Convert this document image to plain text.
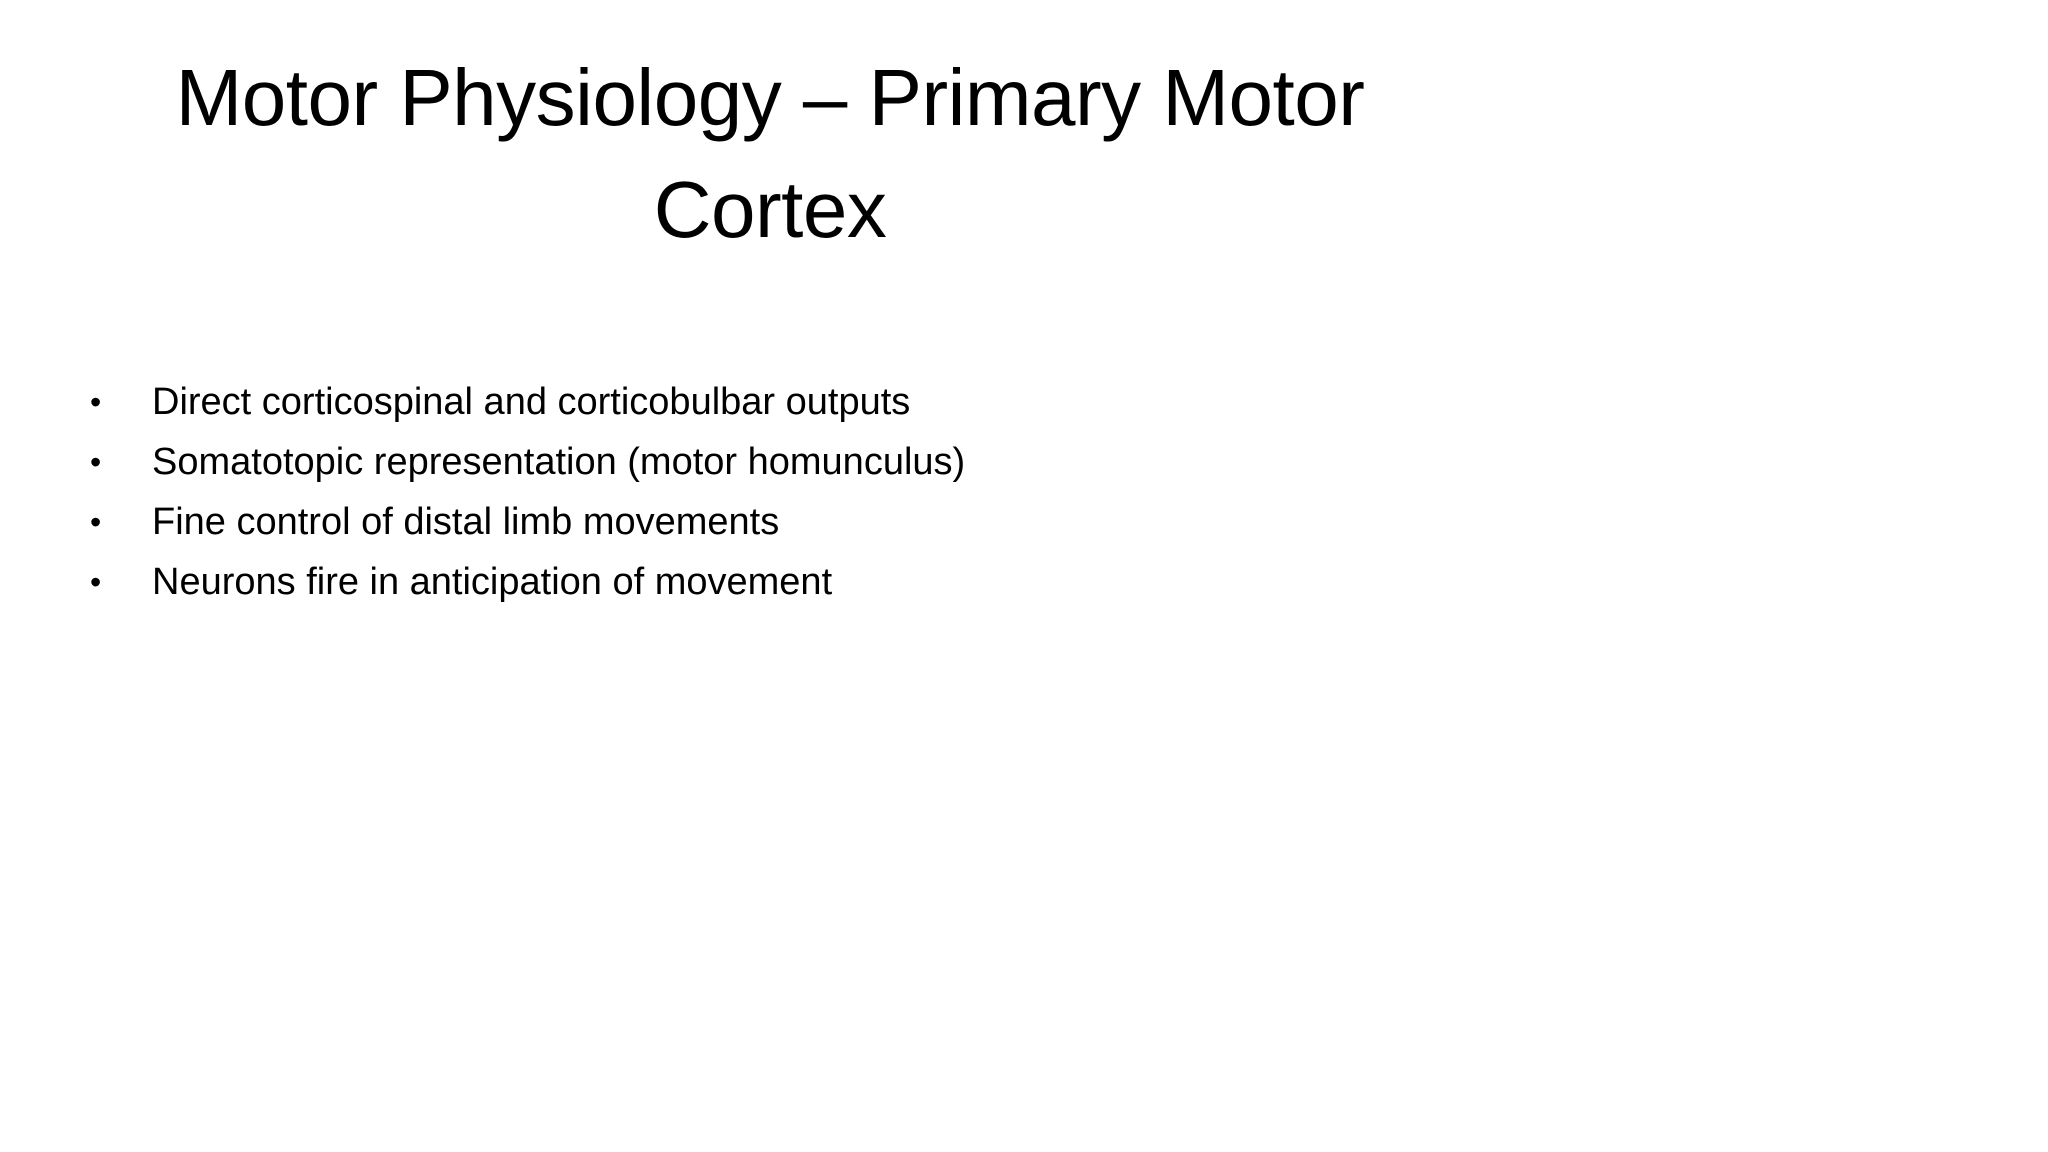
Motor Physiology – Primary Motor Cortex
• Direct corticospinal and corticobulbar outputs
• Somatotopic representation (motor homunculus)
• Fine control of distal limb movements
• Neurons fire in anticipation of movement
